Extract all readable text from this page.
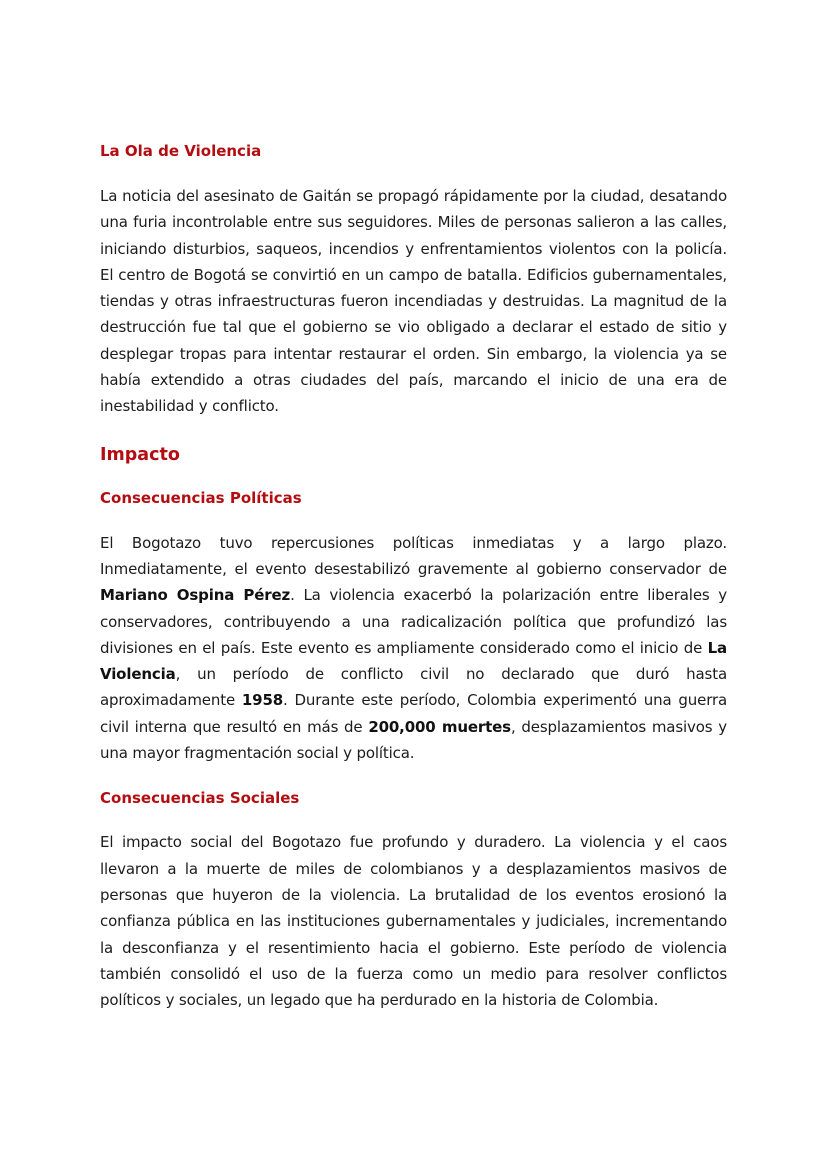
La Ola de Violencia

La noticia del asesinato de Gaitán se propagó rápidamente por la ciudad, desatando una furia incontrolable entre sus seguidores. Miles de personas salieron a las calles, iniciando disturbios, saqueos, incendios y enfrentamientos violentos con la policía. El centro de Bogotá se convirtió en un campo de batalla. Edificios gubernamentales, tiendas y otras infraestructuras fueron incendiadas y destruidas. La magnitud de la destrucción fue tal que el gobierno se vio obligado a declarar el estado de sitio y desplegar tropas para intentar restaurar el orden. Sin embargo, la violencia ya se había extendido a otras ciudades del país, marcando el inicio de una era de inestabilidad y conflicto.

Impacto
Consecuencias Políticas

El Bogotazo tuvo repercusiones políticas inmediatas y a largo plazo. Inmediatamente, el evento desestabilizó gravemente al gobierno conservador de Mariano Ospina Pérez. La violencia exacerbó la polarización entre liberales y conservadores, contribuyendo a una radicalización política que profundizó las divisiones en el país. Este evento es ampliamente considerado como el inicio de La Violencia, un período de conflicto civil no declarado que duró hasta aproximadamente 1958. Durante este período, Colombia experimentó una guerra civil interna que resultó en más de 200,000 muertes, desplazamientos masivos y una mayor fragmentación social y política.

Consecuencias Sociales

El impacto social del Bogotazo fue profundo y duradero. La violencia y el caos llevaron a la muerte de miles de colombianos y a desplazamientos masivos de personas que huyeron de la violencia. La brutalidad de los eventos erosionó la confianza pública en las instituciones gubernamentales y judiciales, incrementando la desconfianza y el resentimiento hacia el gobierno. Este período de violencia también consolidó el uso de la fuerza como un medio para resolver conflictos políticos y sociales, un legado que ha perdurado en la historia de Colombia.
